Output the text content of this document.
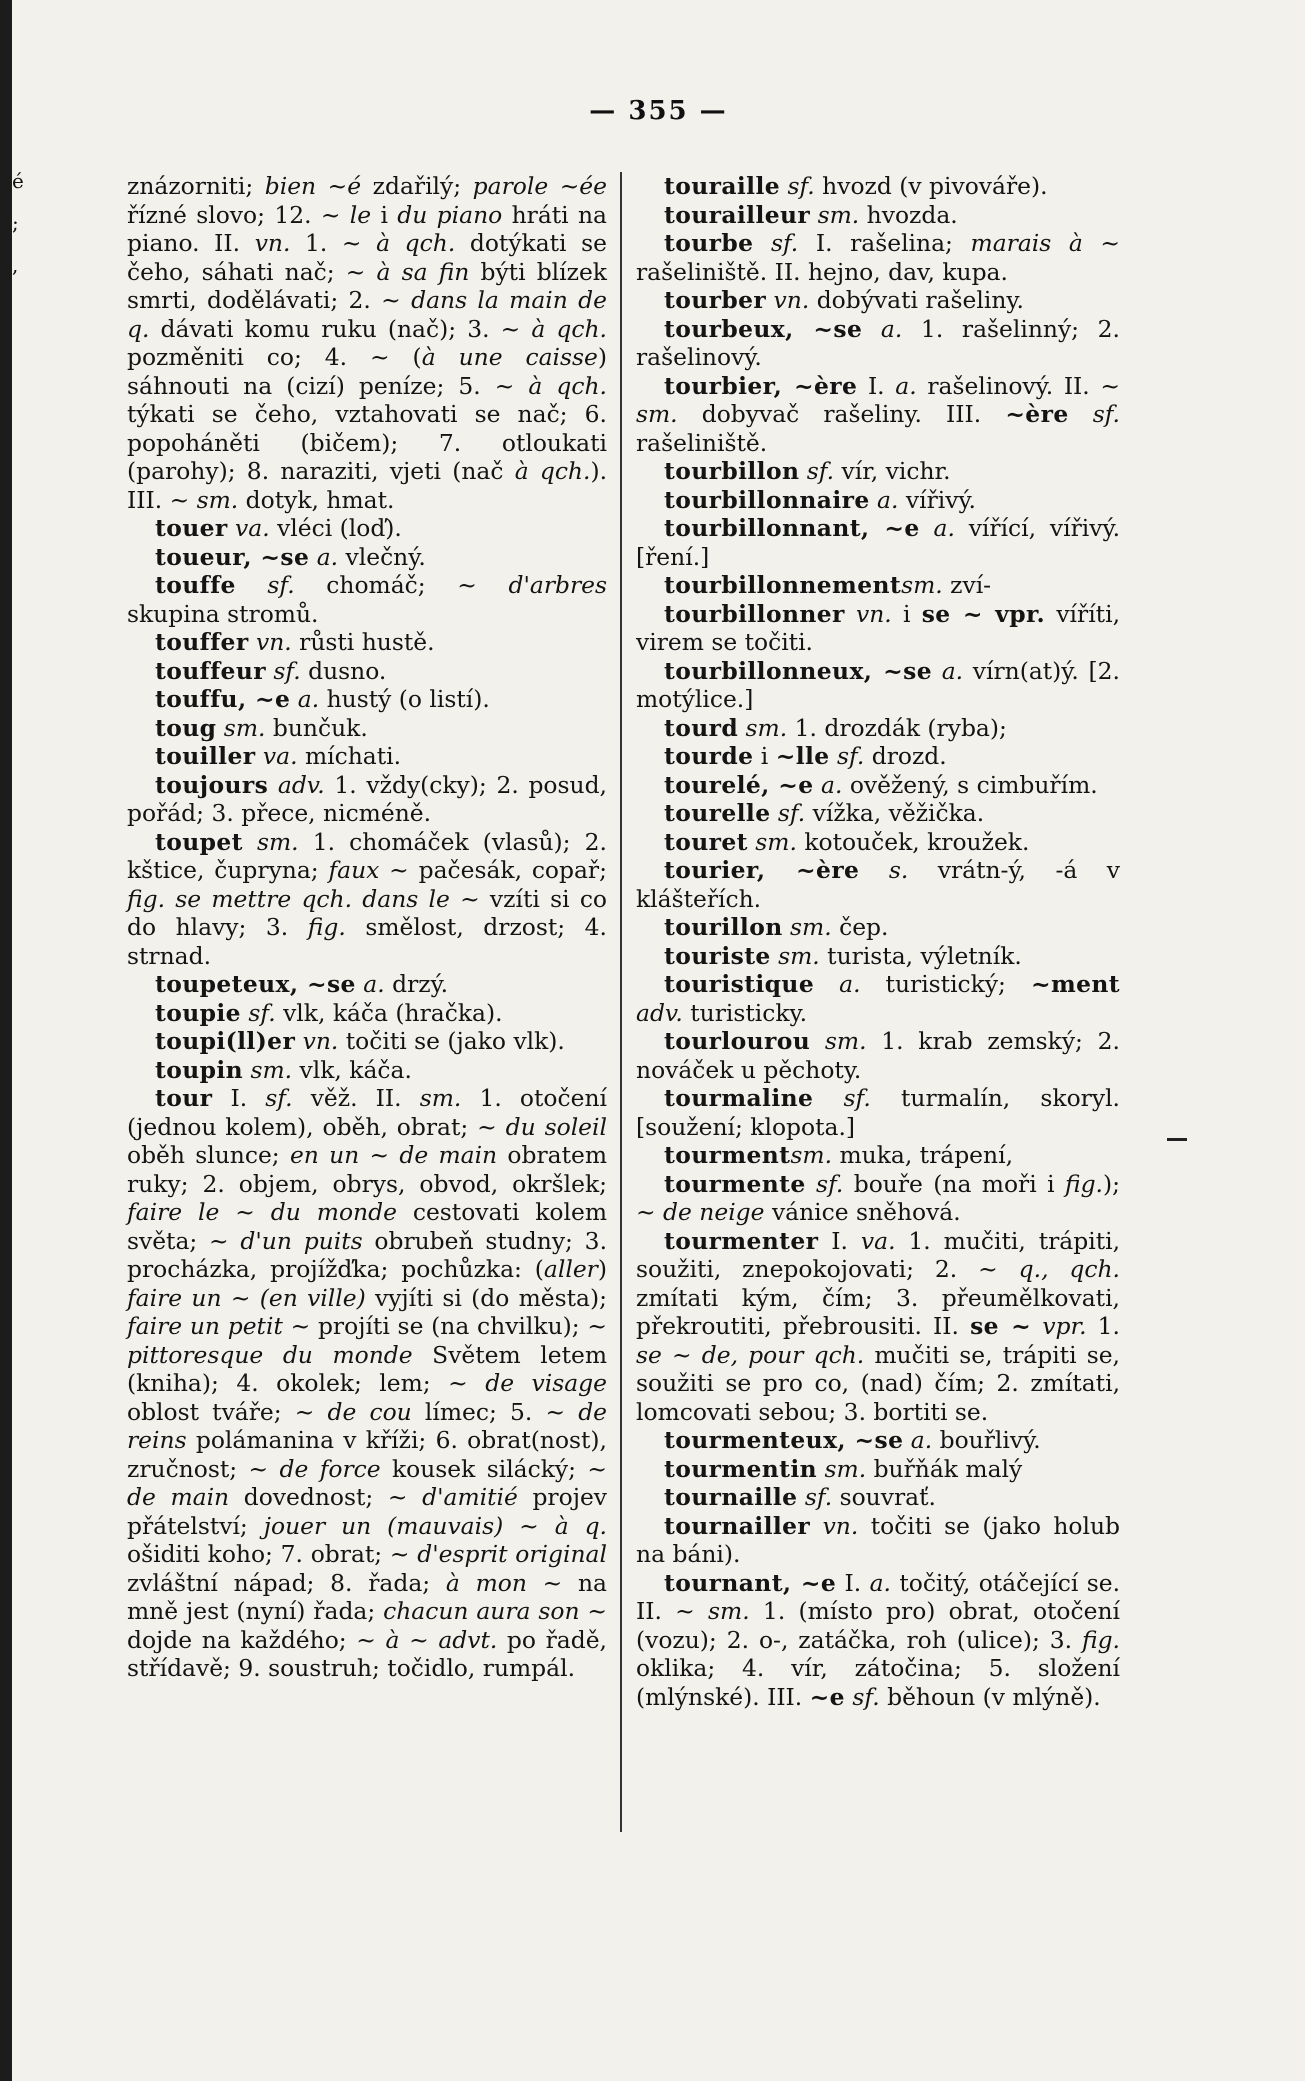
é
;
,
— 355 —

znázorniti; bien ~é zdařilý; parole ~ée řízné slovo; 12. ~ le i du piano hráti na piano. II. vn. 1. ~ à qch. dotýkati se čeho, sáhati nač; ~ à sa fin býti blízek smrti, dodělávati; 2. ~ dans la main de q. dávati komu ruku (nač); 3. ~ à qch. pozměniti co; 4. ~ (à une caisse) sáhnouti na (cizí) peníze; 5. ~ à qch. týkati se čeho, vztahovati se nač; 6. popoháněti (bičem); 7. otloukati (parohy); 8. naraziti, vjeti (nač à qch.). III. ~ sm. dotyk, hmat.

touer va. vléci (loď).

toueur, ~se a. vlečný.

touffe sf. chomáč; ~ d'arbres skupina stromů.

touffer vn. růsti hustě.

touffeur sf. dusno.

touffu, ~e a. hustý (o listí).

toug sm. bunčuk.

touiller va. míchati.

toujours adv. 1. vždy(cky); 2. posud, pořád; 3. přece, nicméně.

toupet sm. 1. chomáček (vlasů); 2. kštice, čupryna; faux ~ pačesák, copař; fig. se mettre qch. dans le ~ vzíti si co do hlavy; 3. fig. smělost, drzost; 4. strnad.

toupeteux, ~se a. drzý.

toupie sf. vlk, káča (hračka).

toupi(ll)er vn. točiti se (jako vlk).

toupin sm. vlk, káča.

tour I. sf. věž. II. sm. 1. otočení (jednou kolem), oběh, obrat; ~ du soleil oběh slunce; en un ~ de main obratem ruky; 2. objem, obrys, obvod, okršlek; faire le ~ du monde cestovati kolem světa; ~ d'un puits obrubeň studny; 3. procházka, projížďka; pochůzka: (aller) faire un ~ (en ville) vyjíti si (do města); faire un petit ~ projíti se (na chvilku); ~ pittoresque du monde Světem letem (kniha); 4. okolek; lem; ~ de visage oblost tváře; ~ de cou límec; 5. ~ de reins polámanina v kříži; 6. obrat(nost), zručnost; ~ de force kousek silácký; ~ de main dovednost; ~ d'amitié projev přátelství; jouer un (mauvais) ~ à q. ošiditi koho; 7. obrat; ~ d'esprit original zvláštní nápad; 8. řada; à mon ~ na mně jest (nyní) řada; chacun aura son ~ dojde na každého; ~ à ~ advt. po řadě, střídavě; 9. soustruh; točidlo, rumpál.

touraille sf. hvozd (v pivováře).

tourailleur sm. hvozda.

tourbe sf. I. rašelina; marais à ~ rašeliniště. II. hejno, dav, kupa.

tourber vn. dobývati rašeliny.

tourbeux, ~se a. 1. rašelinný; 2. rašelinový.

tourbier, ~ère I. a. rašelinový. II. ~ sm. dobyvač rašeliny. III. ~ère sf. rašeliniště.

tourbillon sf. vír, vichr.

tourbillonnaire a. vířivý.

tourbillonnant, ~e a. vířící, vířivý. [ření.]

tourbillonnementsm. zví-

tourbillonner vn. i se ~ vpr. víříti, virem se točiti.

tourbillonneux, ~se a. vírn(at)ý. [2. motýlice.]

tourd sm. 1. drozdák (ryba);

tourde i ~lle sf. drozd.

tourelé, ~e a. ověžený, s cimbuřím.

tourelle sf. vížka, věžička.

touret sm. kotouček, kroužek.

tourier, ~ère s. vrátn-ý, -á v klášteřích.

tourillon sm. čep.

touriste sm. turista, výletník.

touristique a. turistický; ~ment adv. turisticky.

tourlourou sm. 1. krab zemský; 2. nováček u pěchoty.

tourmaline sf. turmalín, skoryl. [soužení; klopota.]

tourmentsm. muka, trápení,

tourmente sf. bouře (na moři i fig.); ~ de neige vánice sněhová.

tourmenter I. va. 1. mučiti, trápiti, soužiti, znepokojovati; 2. ~ q., qch. zmítati kým, čím; 3. přeumělkovati, překroutiti, přebrousiti. II. se ~ vpr. 1. se ~ de, pour qch. mučiti se, trápiti se, soužiti se pro co, (nad) čím; 2. zmítati, lomcovati sebou; 3. bortiti se.

tourmenteux, ~se a. bouřlivý.

tourmentin sm. buřňák malý

tournaille sf. souvrať.

tournailler vn. točiti se (jako holub na báni).

tournant, ~e I. a. točitý, otáčející se. II. ~ sm. 1. (místo pro) obrat, otočení (vozu); 2. o-, zatáčka, roh (ulice); 3. fig. oklika; 4. vír, zátočina; 5. složení (mlýnské). III. ~e sf. běhoun (v mlýně).
